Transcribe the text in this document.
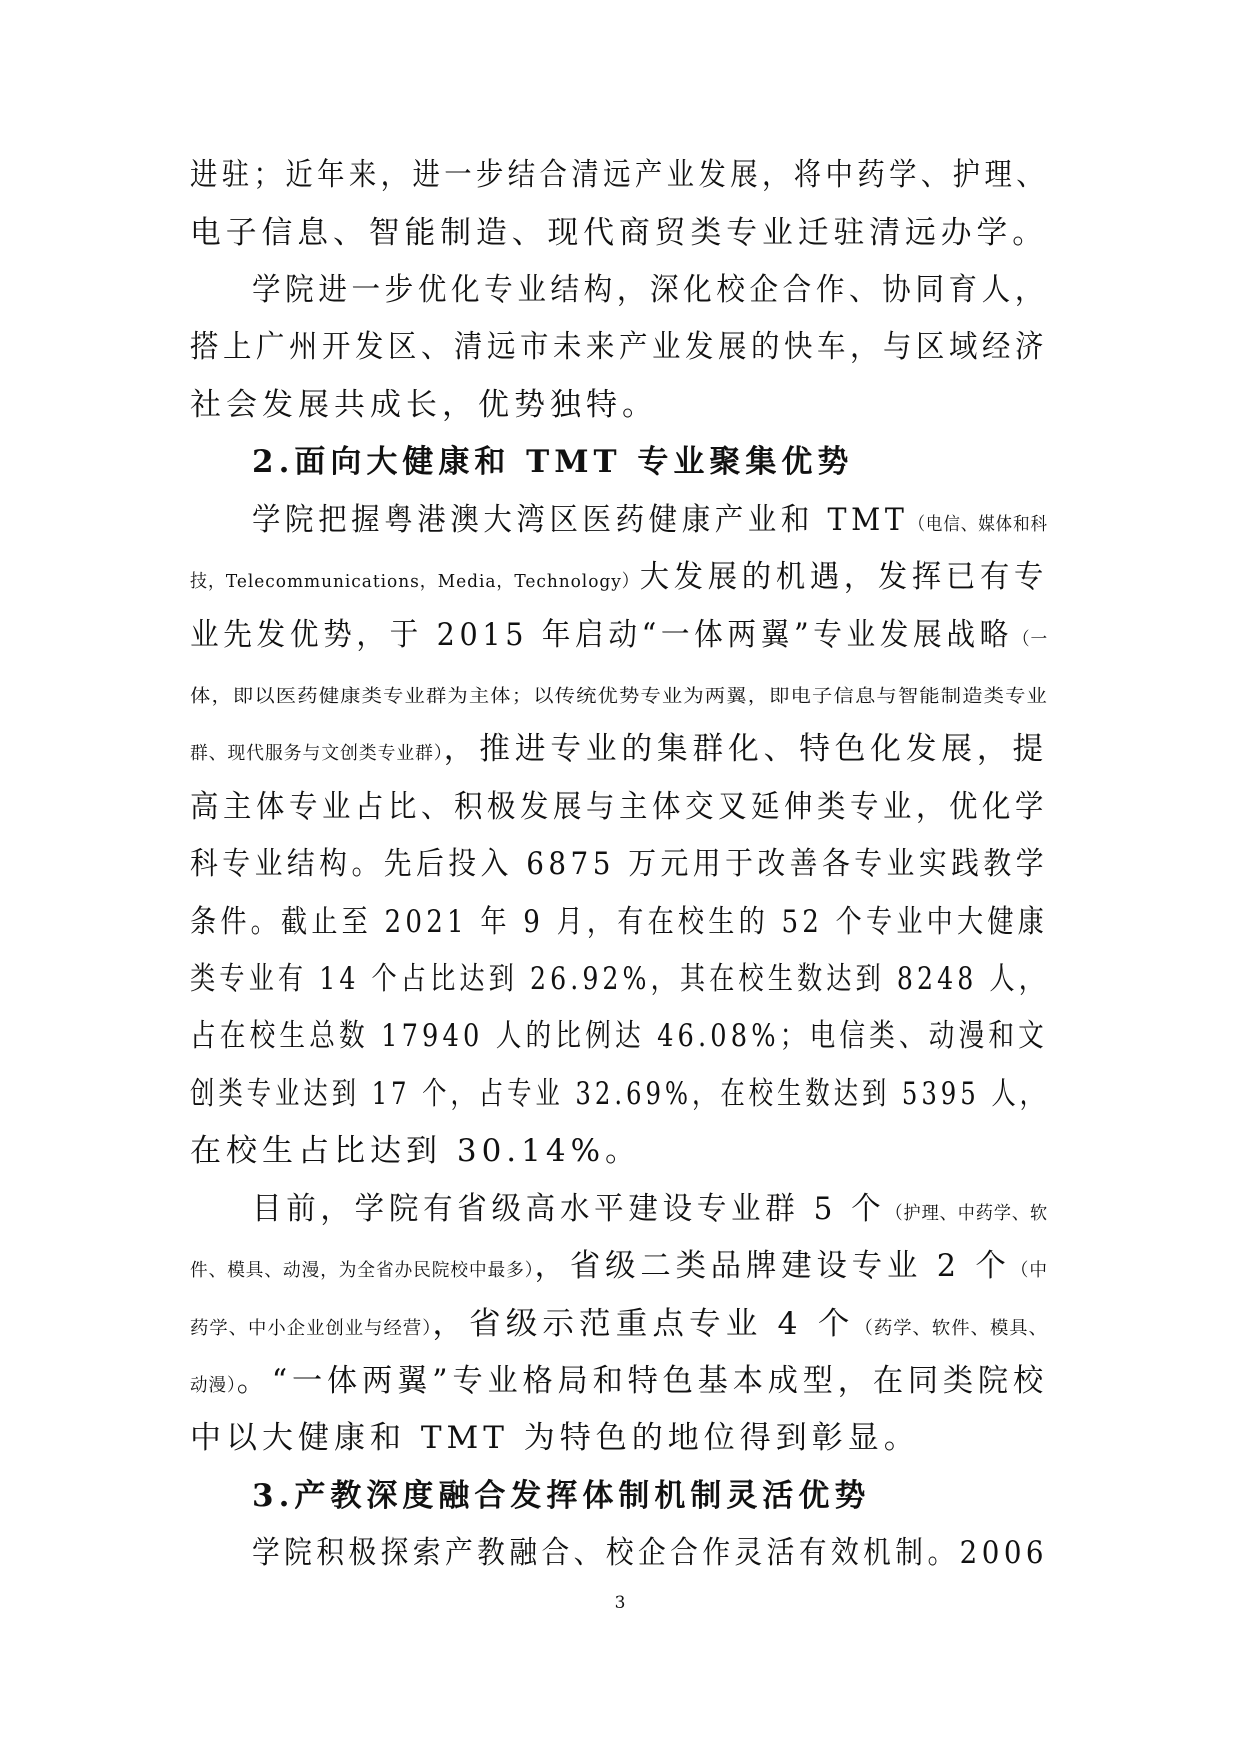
进驻；近年来，进一步结合清远产业发展，将中药学、护理、
电子信息、智能制造、现代商贸类专业迁驻清远办学。
学院进一步优化专业结构，深化校企合作、协同育人，
搭上广州开发区、清远市未来产业发展的快车，与区域经济
社会发展共成长，优势独特。
2.面向大健康和 TMT 专业聚集优势
学院把握粤港澳大湾区医药健康产业和 TMT（电信、媒体和科
技，Telecommunications，Media，Technology）大发展的机遇，发挥已有专
业先发优势，于 2015 年启动“一体两翼”专业发展战略（一
体，即以医药健康类专业群为主体；以传统优势专业为两翼，即电子信息与智能制造类专业
群、现代服务与文创类专业群），推进专业的集群化、特色化发展，提
高主体专业占比、积极发展与主体交叉延伸类专业，优化学
科专业结构。先后投入 6875 万元用于改善各专业实践教学
条件。截止至 2021 年 9 月，有在校生的 52 个专业中大健康
类专业有 14 个占比达到 26.92%，其在校生数达到 8248 人，
占在校生总数 17940 人的比例达 46.08%；电信类、动漫和文
创类专业达到 17 个，占专业 32.69%，在校生数达到 5395 人，
在校生占比达到 30.14%。
目前，学院有省级高水平建设专业群 5 个（护理、中药学、软
件、模具、动漫，为全省办民院校中最多），省级二类品牌建设专业 2 个（中
药学、中小企业创业与经营），省级示范重点专业 4 个（药学、软件、模具、
动漫）。“一体两翼”专业格局和特色基本成型，在同类院校
中以大健康和 TMT 为特色的地位得到彰显。
3.产教深度融合发挥体制机制灵活优势
学院积极探索产教融合、校企合作灵活有效机制。2006
3
